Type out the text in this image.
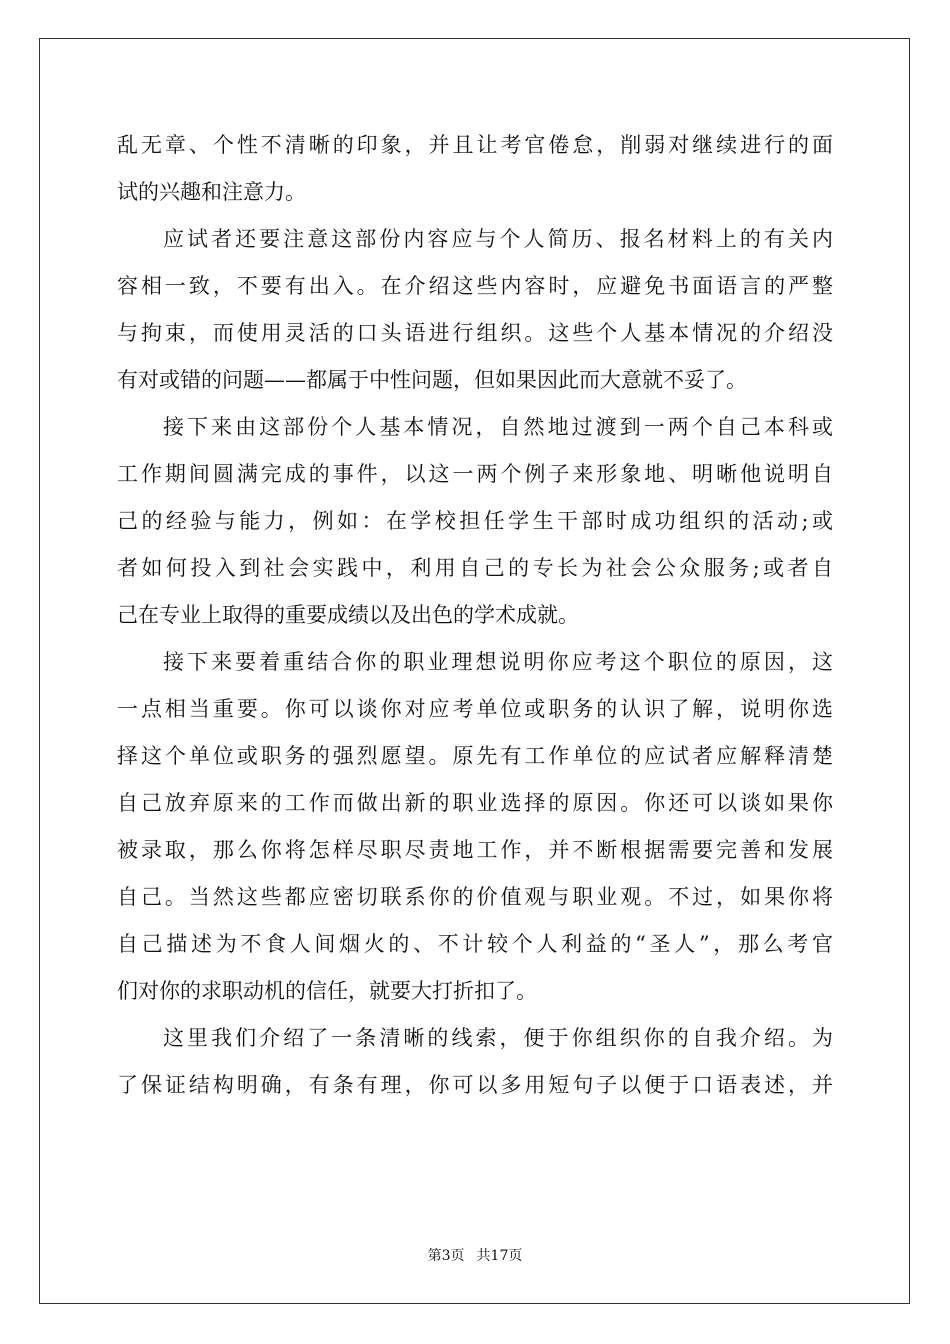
乱无章、个性不清晰的印象，并且让考官倦怠，削弱对继续进行的面
试的兴趣和注意力。
应试者还要注意这部份内容应与个人简历、报名材料上的有关内
容相一致，不要有出入。在介绍这些内容时，应避免书面语言的严整
与拘束，而使用灵活的口头语进行组织。这些个人基本情况的介绍没
有对或错的问题——都属于中性问题，但如果因此而大意就不妥了。
接下来由这部份个人基本情况，自然地过渡到一两个自己本科或
工作期间圆满完成的事件，以这一两个例子来形象地、明晰他说明自
己的经验与能力，例如：在学校担任学生干部时成功组织的活动;或
者如何投入到社会实践中，利用自己的专长为社会公众服务;或者自
己在专业上取得的重要成绩以及出色的学术成就。
接下来要着重结合你的职业理想说明你应考这个职位的原因，这
一点相当重要。你可以谈你对应考单位或职务的认识了解，说明你选
择这个单位或职务的强烈愿望。原先有工作单位的应试者应解释清楚
自己放弃原来的工作而做出新的职业选择的原因。你还可以谈如果你
被录取，那么你将怎样尽职尽责地工作，并不断根据需要完善和发展
自己。当然这些都应密切联系你的价值观与职业观。不过，如果你将
自己描述为不食人间烟火的、不计较个人利益的“圣人”，那么考官
们对你的求职动机的信任，就要大打折扣了。
这里我们介绍了一条清晰的线索，便于你组织你的自我介绍。为
了保证结构明确，有条有理，你可以多用短句子以便于口语表述，并
第3页 共17页
